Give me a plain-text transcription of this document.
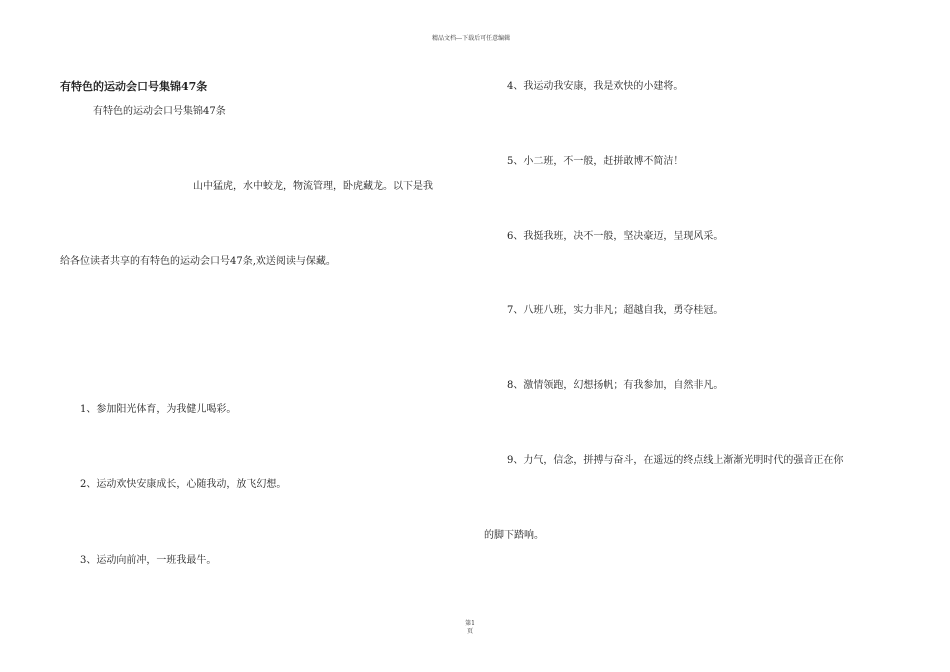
精品文档---下载后可任意编辑
有特色的运动会口号集锦47条
有特色的运动会口号集锦47条
山中猛虎，水中蛟龙，物流管理，卧虎藏龙。以下是我
给各位读者共享的有特色的运动会口号47条,欢送阅读与保藏。
1、参加阳光体育，为我健儿喝彩。
2、运动欢快安康成长，心随我动，放飞幻想。
3、运动向前冲，一班我最牛。
4、我运动我安康，我是欢快的小建将。
5、小二班，不一般，赶拼敢博不简洁！
6、我挺我班，决不一般，坚决豪迈，呈现风采。
7、八班八班，实力非凡；超越自我，勇夺桂冠。
8、激情领跑，幻想扬帆；有我参加，自然非凡。
9、力气，信念，拼搏与奋斗，在遥远的终点线上渐渐光明时代的强音正在你
的脚下踏响。
第1
页
